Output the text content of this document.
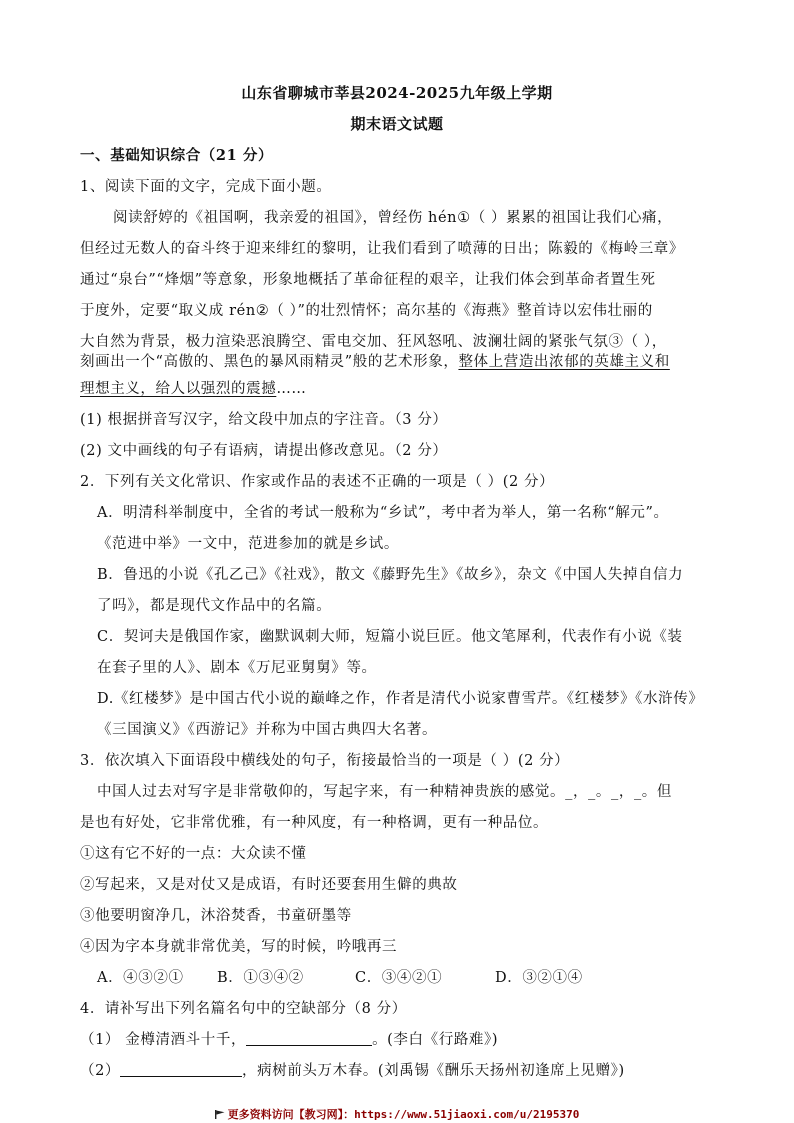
山东省聊城市莘县2024-2025九年级上学期
期末语文试题
一、基础知识综合（21 分）
1、阅读下面的文字，完成下面小题。
阅读舒婷的《祖国啊，我亲爱的祖国》，曾经伤 hén①（ ）累累的祖国让我们心痛，
但经过无数人的奋斗终于迎来绯红的黎明，让我们看到了喷薄的日出；陈毅的《梅岭三章》
通过“泉台”“烽烟”等意象，形象地概括了革命征程的艰辛，让我们体会到革命者置生死
于度外，定要“取义成 rén②（ ）”的壮烈情怀；高尔基的《海燕》整首诗以宏伟壮丽的
大自然为背景，极力渲染恶浪腾空、雷电交加、狂风怒吼、波澜壮阔的紧张气氛③（ ），
刻画出一个“高傲的、黑色的暴风雨精灵”般的艺术形象，整体上营造出浓郁的英雄主义和
理想主义，给人以强烈的震撼……
(1) 根据拼音写汉字，给文段中加点的字注音。（3 分）
(2) 文中画线的句子有语病，请提出修改意见。（2 分）
2．下列有关文化常识、作家或作品的表述不正确的一项是（ ）(2 分）
A．明清科举制度中，全省的考试一般称为“乡试”，考中者为举人，第一名称“解元”。
《范进中举》一文中，范进参加的就是乡试。
B．鲁迅的小说《孔乙己》《社戏》，散文《藤野先生》《故乡》，杂文《中国人失掉自信力
了吗》，都是现代文作品中的名篇。
C．契诃夫是俄国作家，幽默讽刺大师，短篇小说巨匠。他文笔犀利，代表作有小说《装
在套子里的人》、剧本《万尼亚舅舅》等。
D.《红楼梦》是中国古代小说的巅峰之作，作者是清代小说家曹雪芹。《红楼梦》《水浒传》
《三国演义》《西游记》并称为中国古典四大名著。
3．依次填入下面语段中横线处的句子，衔接最恰当的一项是（ ）(2 分）
中国人过去对写字是非常敬仰的，写起字来，有一种精神贵族的感觉。_，_。_，_。但
是也有好处，它非常优雅，有一种风度，有一种格调，更有一种品位。
①这有它不好的一点：大众读不懂
②写起来，又是对仗又是成语，有时还要套用生僻的典故
③他要明窗净几，沐浴焚香，书童研墨等
④因为字本身就非常优美，写的时候，吟哦再三
A．④③②① B．①③④②	C．③④②①	D．③②①④
4．请补写出下列名篇名句中的空缺部分（8 分）
（1） 金樽清酒斗十千，	。(李白《行路难》)
（2）	，病树前头万木春。(刘禹锡《酬乐天扬州初逢席上见赠》)
更多资料访问【教习网】：https://www.51jiaoxi.com/u/2195370
